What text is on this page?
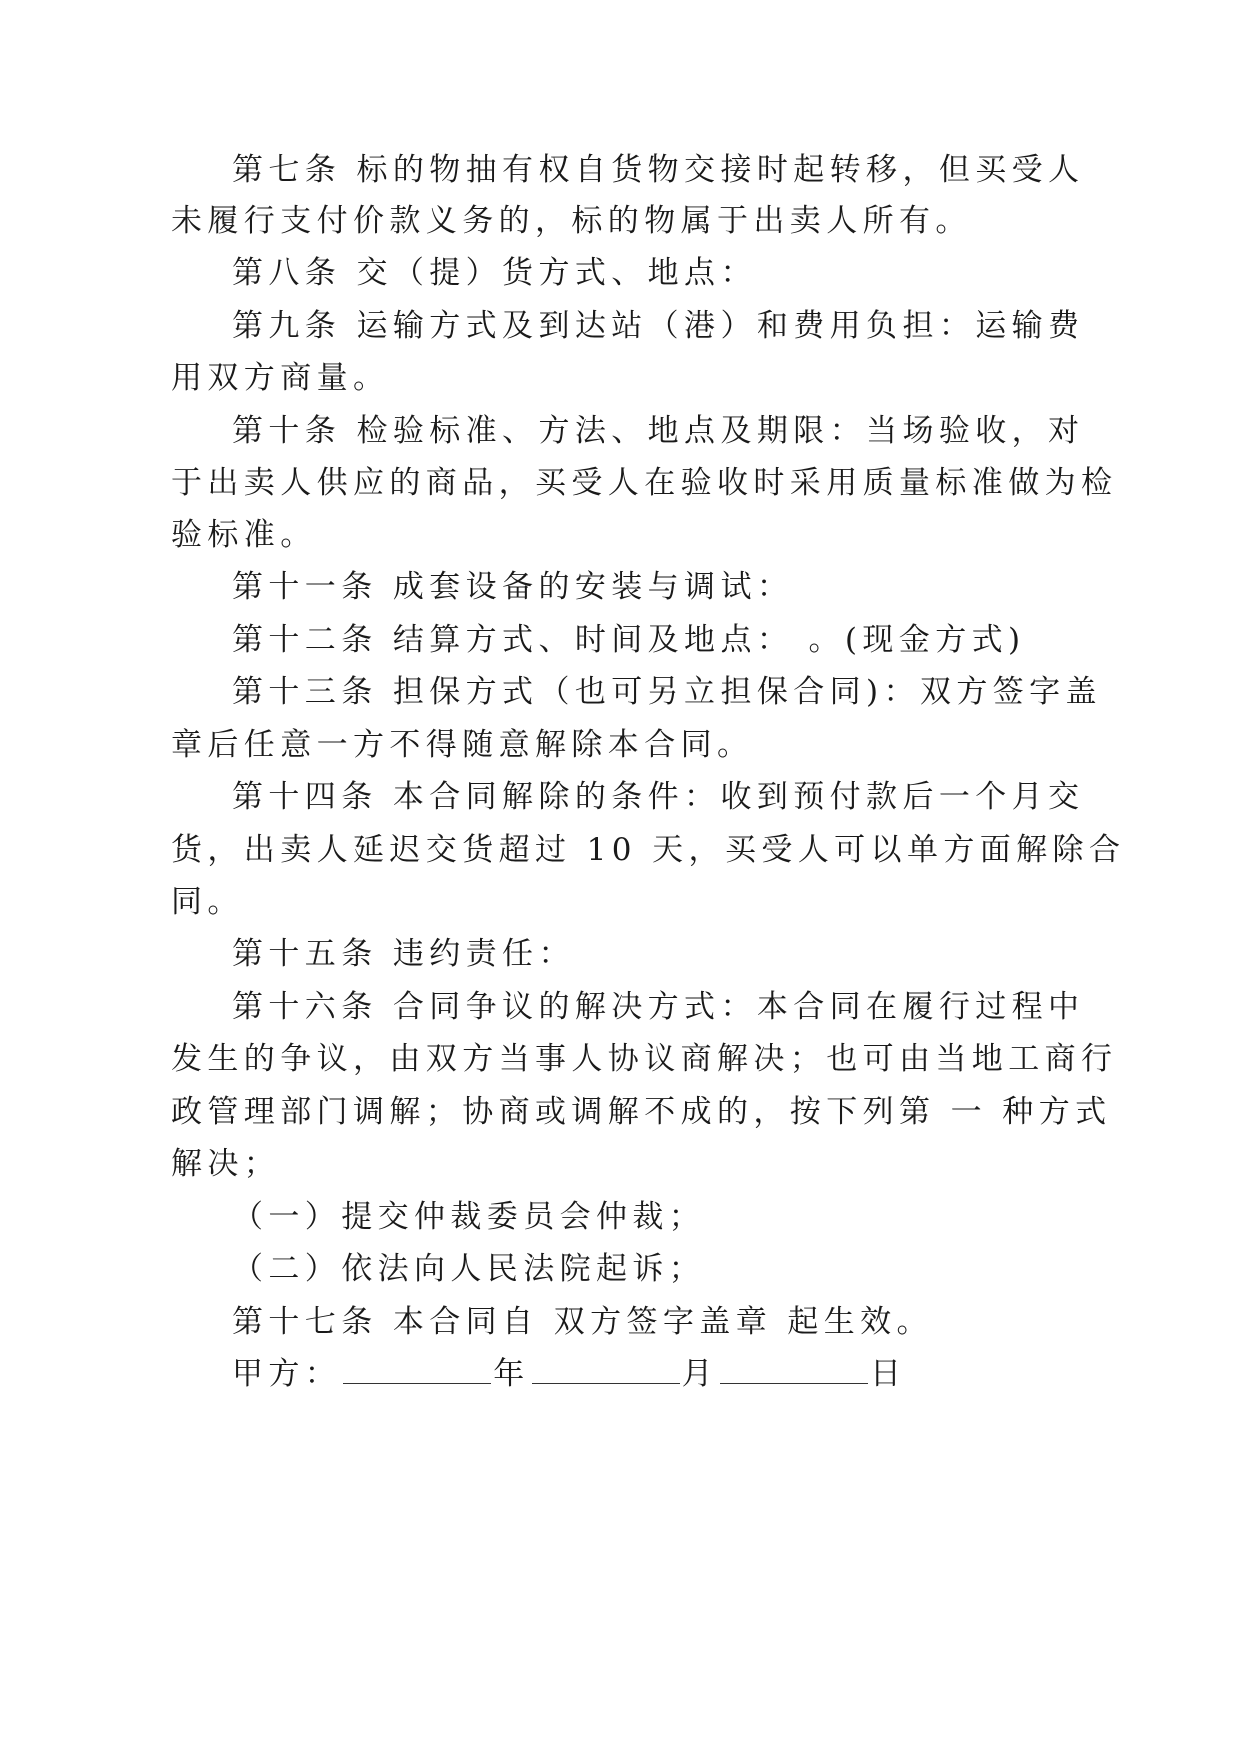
第七条 标的物抽有权自货物交接时起转移，但买受人
未履行支付价款义务的，标的物属于出卖人所有。
第八条 交（提）货方式、地点：
第九条 运输方式及到达站（港）和费用负担：运输费
用双方商量。
第十条 检验标准、方法、地点及期限：当场验收，对
于出卖人供应的商品，买受人在验收时采用质量标准做为检
验标准。
第十一条 成套设备的安装与调试：
第十二条 结算方式、时间及地点： 。(现金方式)
第十三条 担保方式（也可另立担保合同)：双方签字盖
章后任意一方不得随意解除本合同。
第十四条 本合同解除的条件：收到预付款后一个月交
货，出卖人延迟交货超过 10 天，买受人可以单方面解除合
同。
第十五条 违约责任：
第十六条 合同争议的解决方式：本合同在履行过程中
发生的争议，由双方当事人协议商解决；也可由当地工商行
政管理部门调解；协商或调解不成的，按下列第 一 种方式
解决；
（一）提交仲裁委员会仲裁；
（二）依法向人民法院起诉；
第十七条 本合同自 双方签字盖章 起生效。
甲方：	年	月	日
